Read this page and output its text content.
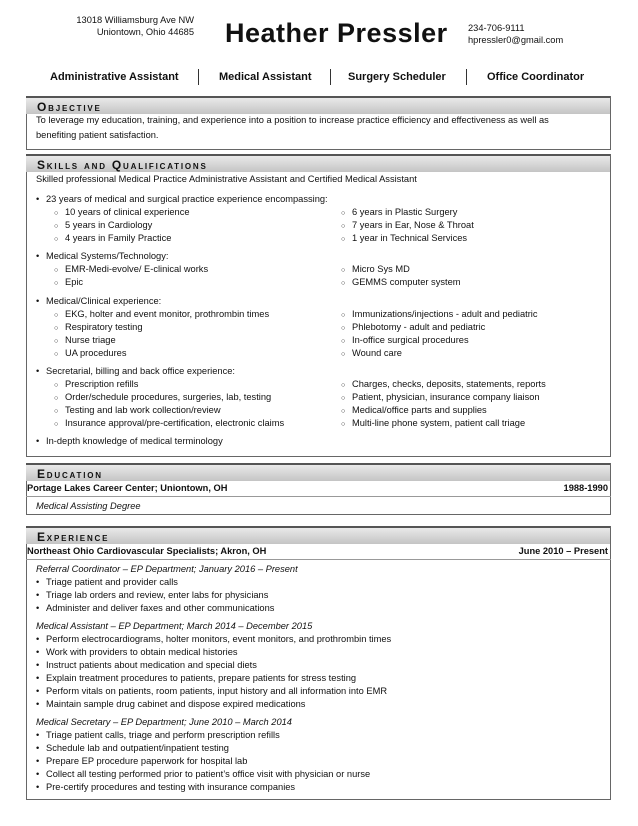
13018 Williamsburg Ave NW
Uniontown, Ohio 44685 Heather Pressler 234-706-9111
hpressler0@gmail.com
Administrative Assistant	Medical Assistant	Surgery Scheduler	Office Coordinator
Objective
To leverage my education, training, and experience into a position to increase practice efficiency and effectiveness as well as
benefiting patient satisfaction.
Skills and Qualifications
Skilled professional Medical Practice Administrative Assistant and Certified Medical Assistant
• 23 years of medical and surgical practice experience encompassing:
○ 10 years of clinical experience
○ 5 years in Cardiology
○ 4 years in Family Practice
○ 6 years in Plastic Surgery
○ 7 years in Ear, Nose & Throat
○ 1 year in Technical Services
• Medical Systems/Technology:
○ EMR-Medi-evolve/ E-clinical works
○ Epic
○ Micro Sys MD
○ GEMMS computer system
• Medical/Clinical experience:
○ EKG, holter and event monitor, prothrombin times
○ Respiratory testing
○ Nurse triage
○ UA procedures
○ Immunizations/injections - adult and pediatric
○ Phlebotomy - adult and pediatric
○ In-office surgical procedures
○ Wound care
• Secretarial, billing and back office experience:
○ Prescription refills
○ Order/schedule procedures, surgeries, lab, testing
○ Testing and lab work collection/review
○ Insurance approval/pre-certification, electronic claims
○ Charges, checks, deposits, statements, reports
○ Patient, physician, insurance company liaison
○ Medical/office parts and supplies
○ Multi-line phone system, patient call triage
• In-depth knowledge of medical terminology
Education
Portage Lakes Career Center; Uniontown, OH	1988-1990
Medical Assisting Degree
Experience
Northeast Ohio Cardiovascular Specialists; Akron, OH	June 2010 – Present
Referral Coordinator – EP Department; January 2016 – Present
• Triage patient and provider calls
• Triage lab orders and review, enter labs for physicians
• Administer and deliver faxes and other communications
Medical Assistant – EP Department; March 2014 – December 2015
• Perform electrocardiograms, holter monitors, event monitors, and prothrombin times
• Work with providers to obtain medical histories
• Instruct patients about medication and special diets
• Explain treatment procedures to patients, prepare patients for stress testing
• Perform vitals on patients, room patients, input history and all information into EMR
• Maintain sample drug cabinet and dispose expired medications
Medical Secretary – EP Department; June 2010 – March 2014
• Triage patient calls, triage and perform prescription refills
• Schedule lab and outpatient/inpatient testing
• Prepare EP procedure paperwork for hospital lab
• Collect all testing performed prior to patient’s office visit with physician or nurse
• Pre-certify procedures and testing with insurance companies
